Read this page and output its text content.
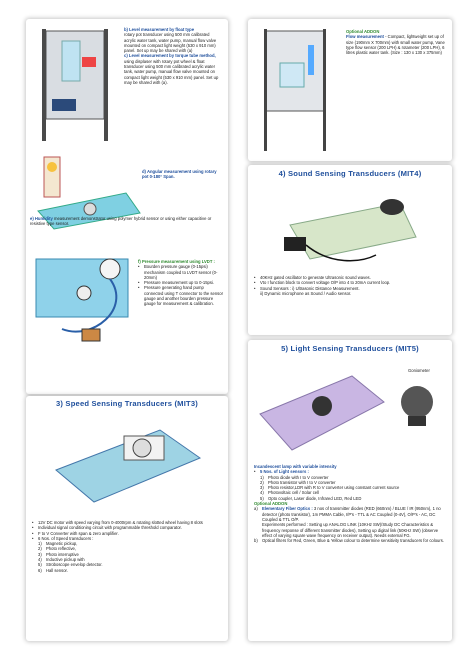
b) Level measurement by float type
rotary pot transducer using 500 mm calibrated acrylic water tank, water pump, manual flow valve mounted on compact light weight (530 x 910 mm) panel. Set up may be shared with (a)
c) Level measurement by torque tube method,
using displaser with rotary pot wheel & float transducer using 500 mm calibrated acrylic water tank, water pump, manual flow valve mounted on compact light weight (530 x 910 mm) panel. Set up may be shared with (a).
d) Angular measurement using rotary pot 0-180° Span.
e) Humidity measurement demonstrator using polymer hybrid sensor or using either capacitive or resistive type sensor.
f) Pressure measurement using LVDT :
• Bourden pressure gauge (0-15psi) mechanism coupled to LVDT sensor (0-20mm)
• Pressure measurement up to 0-15psi.
• Pressure generating hand pump connected using T connector to the sensor gauge and another bourden pressure gauge for measurement & calibration.
Optional ADDON
Flow measurement - Compact, lightweight set up of size (190mm X 700mm) with small water pump, Vane type flow sensor (200 LPH) & rotameter (200 LPH), 6 litres plastic water tank. (Size : 130 x 130 x 375mm)
4) Sound Sensing Transducers (MIT4)
• 40KHz gated oscillator to generate Ultrasonic sound waves.
• Vto I function block to convert voltage O/P into 4 to 20mA current loop.
• Sound Sensors : i) Ultrasonic Distance Measurement.
ii) Dynamic microphone as Sound / Audio sensor.
3) Speed Sensing Transducers (MIT3)
• 12V DC motor with speed varying from 0-4000rpm & rotating slotted wheel having 8 slots
• Individual signal conditioning circuit with programmable threshold comparator.
• F to V Converter with span & zero amplifier.
• 6 Nos. of Speed transducers :
1) Magnetic pickup,
2) Photo reflective,
3) Photo interruptive
4) Inductive pickup with
5) Stroboscope envelop detector.
6) Hall sensor.
5) Light Sensing Transducers (MIT5)
Goniometer
Incandescent lamp with variable intensity
• 5 Nos. of Light sensors :
1) Photo diode with I to V converter
2) Photo transistor with I to V converter
3) Photo resistor,LDR with R to V converter using constant current source
4) Photovoltaic cell / Solar cell
5) Opto coupler, Laser diode, Infrared LED, Red LED
Optional ADDON
a) Elementary Fiber Optics : 3 nos of transmitter diodes (RED (660nm) / BLUE / IR (950nm), 1 no detector (photo transistor), 1m PMMA Cable, I/P's - TTL & AC Coupled (0-4V), O/P's - AC, DC Coupled & TTL O/P.
Experiments performed : Setting up ANALOG LINK (10KHz SW)/Study DC Characteristics & frequency response of different transmitter diodes), Setting up digital link (50KHz SW) (observe effect of varying square wave frequency on receiver output). Needs external FG.
b) Optical filters for Red, Green, Blue & Yellow colour to determine sensitivity transducers for colours.
